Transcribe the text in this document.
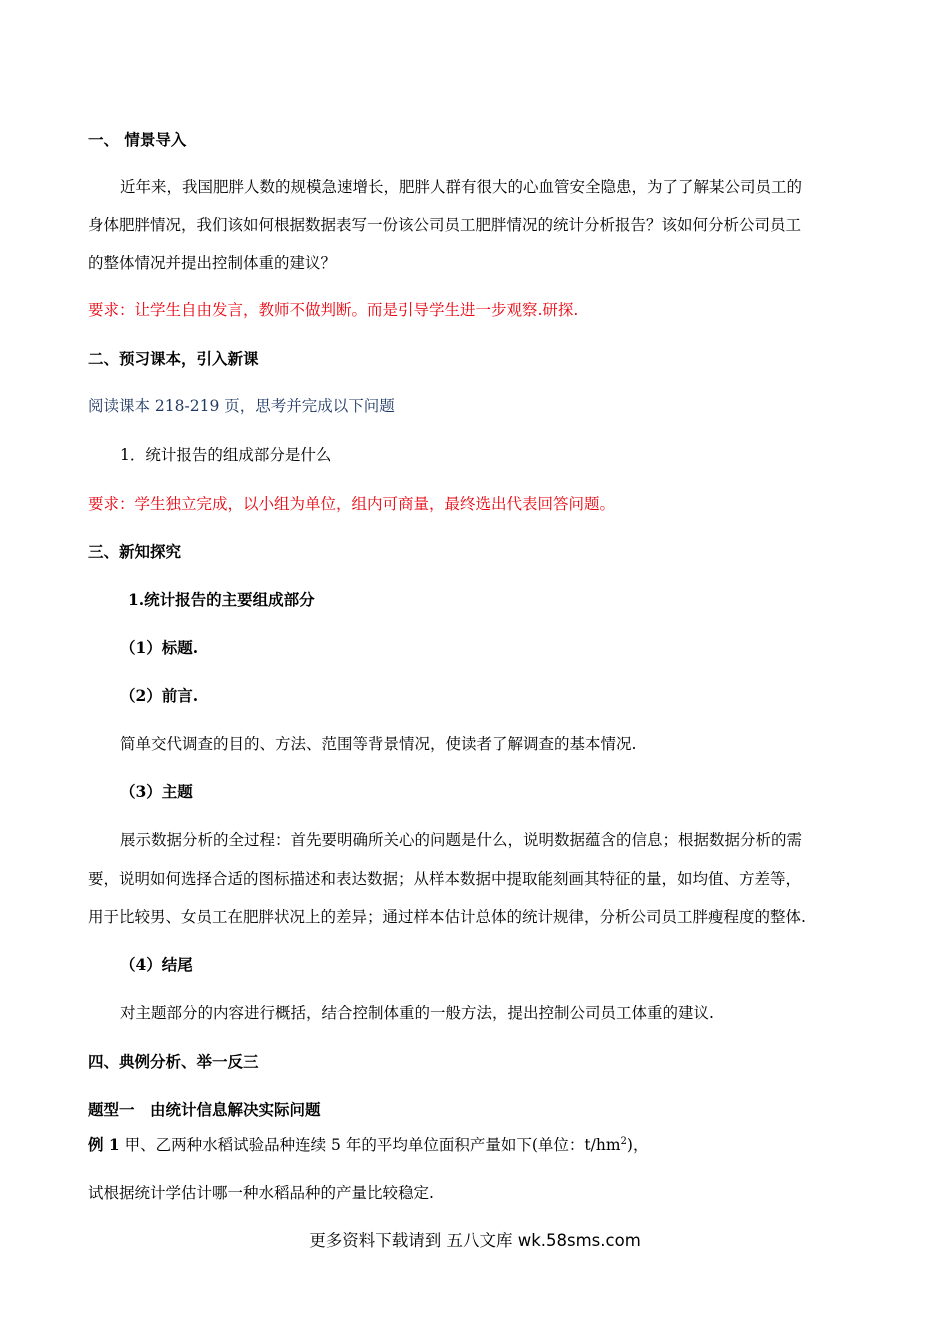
一、 情景导入
近年来，我国肥胖人数的规模急速增长，肥胖人群有很大的心血管安全隐患，为了了解某公司员工的
身体肥胖情况，我们该如何根据数据表写一份该公司员工肥胖情况的统计分析报告？该如何分析公司员工
的整体情况并提出控制体重的建议？
要求：让学生自由发言，教师不做判断。而是引导学生进一步观察.研探.
二、预习课本，引入新课
阅读课本 218-219 页，思考并完成以下问题
1．统计报告的组成部分是什么
要求：学生独立完成，以小组为单位，组内可商量，最终选出代表回答问题。
三、新知探究
1.统计报告的主要组成部分
（1）标题.
（2）前言.
简单交代调查的目的、方法、范围等背景情况，使读者了解调查的基本情况.
（3）主题
展示数据分析的全过程：首先要明确所关心的问题是什么，说明数据蕴含的信息；根据数据分析的需
要，说明如何选择合适的图标描述和表达数据；从样本数据中提取能刻画其特征的量，如均值、方差等，
用于比较男、女员工在肥胖状况上的差异；通过样本估计总体的统计规律，分析公司员工胖瘦程度的整体.
（4）结尾
对主题部分的内容进行概括，结合控制体重的一般方法，提出控制公司员工体重的建议.
四、典例分析、举一反三
题型一　由统计信息解决实际问题
例 1 甲、乙两种水稻试验品种连续 5 年的平均单位面积产量如下(单位：$t/hm^2$)，
试根据统计学估计哪一种水稻品种的产量比较稳定.
更多资料下载请到 五八文库 wk.58sms.com
